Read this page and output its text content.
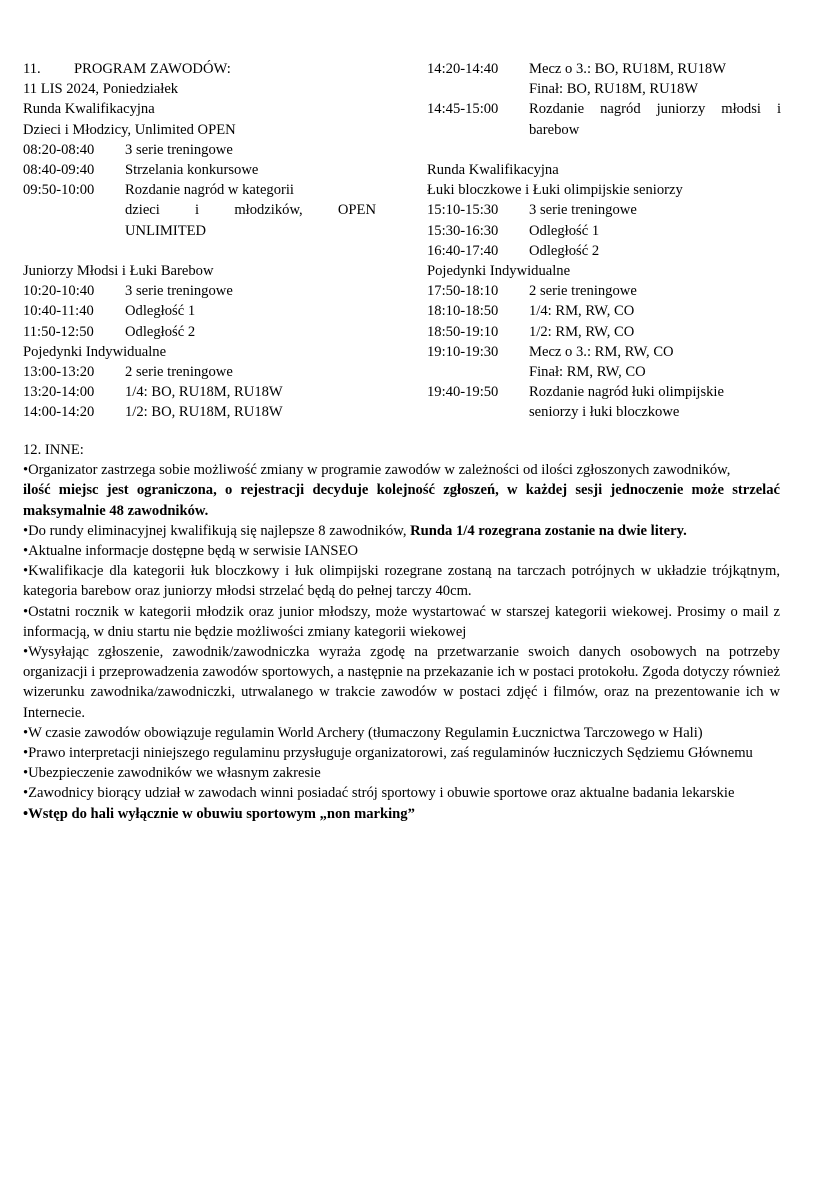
11. PROGRAM ZAWODÓW:
11 LIS 2024, Poniedziałek
Runda Kwalifikacyjna
Dzieci i Młodzicy, Unlimited OPEN
08:20-08:40	3 serie treningowe
08:40-09:40	Strzelania konkursowe
09:50-10:00	Rozdanie nagród w kategorii
dzieci i młodzików, OPEN
UNLIMITED
Juniorzy Młodsi i Łuki Barebow
10:20-10:40	3 serie treningowe
10:40-11:40	Odległość 1
11:50-12:50	Odległość 2
Pojedynki Indywidualne
13:00-13:20	2 serie treningowe
13:20-14:00	1/4: BO, RU18M, RU18W
14:00-14:20	1/2: BO, RU18M, RU18W
14:20-14:40	Mecz o 3.: BO, RU18M, RU18W
Finał: BO, RU18M, RU18W
14:45-15:00	Rozdanie nagród juniorzy młodsi i
barebow
Runda Kwalifikacyjna
Łuki bloczkowe i Łuki olimpijskie seniorzy
15:10-15:30	3 serie treningowe
15:30-16:30	Odległość 1
16:40-17:40	Odległość 2
Pojedynki Indywidualne
17:50-18:10	2 serie treningowe
18:10-18:50	1/4: RM, RW, CO
18:50-19:10	1/2: RM, RW, CO
19:10-19:30	Mecz o 3.: RM, RW, CO
Finał: RM, RW, CO
19:40-19:50	Rozdanie nagród łuki olimpijskie
seniorzy i łuki bloczkowe
12. INNE:
•Organizator zastrzega sobie możliwość zmiany w programie zawodów w zależności od ilości zgłoszonych zawodników,
ilość miejsc jest ograniczona, o rejestracji decyduje kolejność zgłoszeń, w każdej sesji jednoczenie może strzelać maksymalnie 48 zawodników.
•Do rundy eliminacyjnej kwalifikują się najlepsze 8 zawodników, Runda 1/4 rozegrana zostanie na dwie litery.
•Aktualne informacje dostępne będą w serwisie IANSEO
•Kwalifikacje dla kategorii łuk bloczkowy i łuk olimpijski rozegrane zostaną na tarczach potrójnych w układzie trójkątnym, kategoria barebow oraz juniorzy młodsi strzelać będą do pełnej tarczy 40cm.
•Ostatni rocznik w kategorii młodzik oraz junior młodszy, może wystartować w starszej kategorii wiekowej. Prosimy o mail z informacją, w dniu startu nie będzie możliwości zmiany kategorii wiekowej
•Wysyłając zgłoszenie, zawodnik/zawodniczka wyraża zgodę na przetwarzanie swoich danych osobowych na potrzeby organizacji i przeprowadzenia zawodów sportowych, a następnie na przekazanie ich w postaci protokołu. Zgoda dotyczy również wizerunku zawodnika/zawodniczki, utrwalanego w trakcie zawodów w postaci zdjęć i filmów, oraz na prezentowanie ich w Internecie.
•W czasie zawodów obowiązuje regulamin World Archery (tłumaczony Regulamin Łucznictwa Tarczowego w Hali)
•Prawo interpretacji niniejszego regulaminu przysługuje organizatorowi, zaś regulaminów łuczniczych Sędziemu Głównemu
•Ubezpieczenie zawodników we własnym zakresie
•Zawodnicy biorący udział w zawodach winni posiadać strój sportowy i obuwie sportowe oraz aktualne badania lekarskie
•Wstęp do hali wyłącznie w obuwiu sportowym „non marking”
